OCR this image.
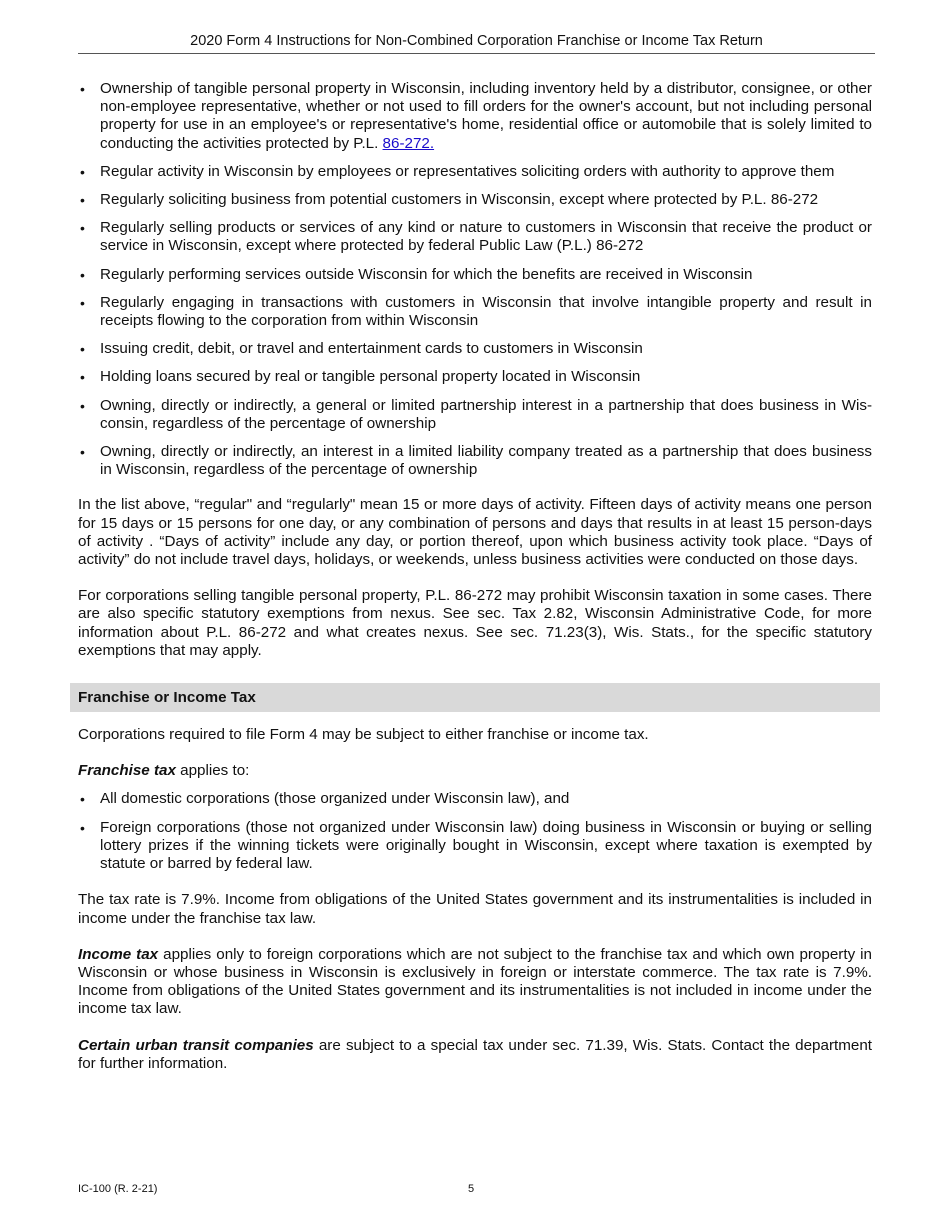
2020 Form 4 Instructions for Non-Combined Corporation Franchise or Income Tax Return
• Ownership of tangible personal property in Wisconsin, including inventory held by a distributor, consignee, or other non-employee representative, whether or not used to fill orders for the owner's account, but not including personal property for use in an employee's or representative's home, residential office or automobile that is solely limited to conducting the activities protected by P.L. 86-272.
• Regular activity in Wisconsin by employees or representatives soliciting orders with authority to approve them
• Regularly soliciting business from potential customers in Wisconsin, except where protected by P.L. 86-272
• Regularly selling products or services of any kind or nature to customers in Wisconsin that receive the product or service in Wisconsin, except where protected by federal Public Law (P.L.) 86-272
• Regularly performing services outside Wisconsin for which the benefits are received in Wisconsin
• Regularly engaging in transactions with customers in Wisconsin that involve intangible property and result in receipts flowing to the corporation from within Wisconsin
• Issuing credit, debit, or travel and entertainment cards to customers in Wisconsin
• Holding loans secured by real or tangible personal property located in Wisconsin
• Owning, directly or indirectly, a general or limited partnership interest in a partnership that does business in Wisconsin, regardless of the percentage of ownership
• Owning, directly or indirectly, an interest in a limited liability company treated as a partnership that does business in Wisconsin, regardless of the percentage of ownership

In the list above, “regular" and “regularly" mean 15 or more days of activity. Fifteen days of activity means one person for 15 days or 15 persons for one day, or any combination of persons and days that results in at least 15 person-days of activity . “Days of activity” include any day, or portion thereof, upon which business activity took place. “Days of activity” do not include travel days, holidays, or weekends, unless business activities were conducted on those days.

For corporations selling tangible personal property, P.L. 86-272 may prohibit Wisconsin taxation in some cases. There are also specific statutory exemptions from nexus. See sec. Tax 2.82, Wisconsin Administrative Code, for more information about P.L. 86-272 and what creates nexus. See sec. 71.23(3), Wis. Stats., for the specific statutory exemptions that may apply.

Franchise or Income Tax

Corporations required to file Form 4 may be subject to either franchise or income tax.

Franchise tax applies to:

• All domestic corporations (those organized under Wisconsin law), and
• Foreign corporations (those not organized under Wisconsin law) doing business in Wisconsin or buying or selling lottery prizes if the winning tickets were originally bought in Wisconsin, except where taxation is exempted by statute or barred by federal law.

The tax rate is 7.9%. Income from obligations of the United States government and its instrumentalities is included in income under the franchise tax law.

Income tax applies only to foreign corporations which are not subject to the franchise tax and which own property in Wisconsin or whose business in Wisconsin is exclusively in foreign or interstate commerce. The tax rate is 7.9%. Income from obligations of the United States government and its instrumentalities is not included in income under the income tax law.

Certain urban transit companies are subject to a special tax under sec. 71.39, Wis. Stats. Contact the department for further information.

IC-100 (R. 2-21)	5
